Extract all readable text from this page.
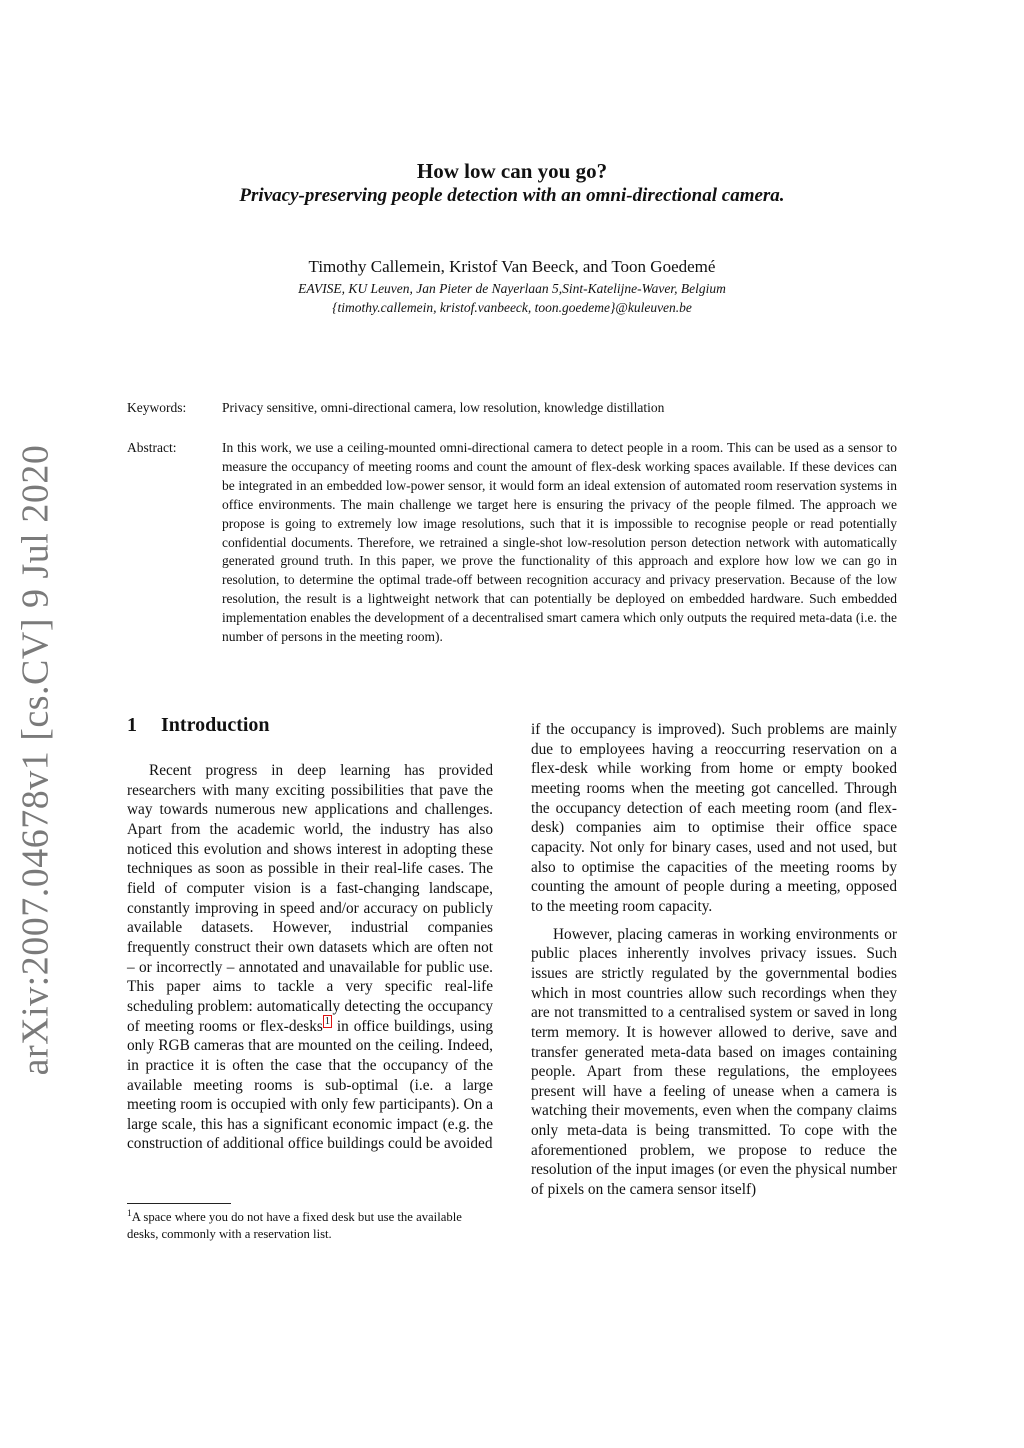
arXiv:2007.04678v1 [cs.CV] 9 Jul 2020
How low can you go?
Privacy-preserving people detection with an omni-directional camera.
Timothy Callemein, Kristof Van Beeck, and Toon Goedemé
EAVISE, KU Leuven, Jan Pieter de Nayerlaan 5,Sint-Katelijne-Waver, Belgium
{timothy.callemein, kristof.vanbeeck, toon.goedeme}@kuleuven.be
Keywords:	Privacy sensitive, omni-directional camera, low resolution, knowledge distillation
Abstract:	In this work, we use a ceiling-mounted omni-directional camera to detect people in a room. This can be used as a sensor to measure the occupancy of meeting rooms and count the amount of flex-desk working spaces available. If these devices can be integrated in an embedded low-power sensor, it would form an ideal extension of automated room reservation systems in office environments. The main challenge we target here is ensuring the privacy of the people filmed. The approach we propose is going to extremely low image resolutions, such that it is impossible to recognise people or read potentially confidential documents. Therefore, we retrained a single-shot low-resolution person detection network with automatically generated ground truth. In this paper, we prove the functionality of this approach and explore how low we can go in resolution, to determine the optimal trade-off between recognition accuracy and privacy preservation. Because of the low resolution, the result is a lightweight network that can potentially be deployed on embedded hardware. Such embedded implementation enables the development of a decentralised smart camera which only outputs the required meta-data (i.e. the number of persons in the meeting room).
1 Introduction

Recent progress in deep learning has provided researchers with many exciting possibilities that pave the way towards numerous new applications and challenges. Apart from the academic world, the industry has also noticed this evolution and shows interest in adopting these techniques as soon as possible in their real-life cases. The field of computer vision is a fast-changing landscape, constantly improving in speed and/or accuracy on publicly available datasets. However, industrial companies frequently construct their own datasets which are often not – or incorrectly – annotated and unavailable for public use. This paper aims to tackle a very specific real-life scheduling problem: automatically detecting the occupancy of meeting rooms or flex-desks $^1$ in office buildings, using only RGB cameras that are mounted on the ceiling. Indeed, in practice it is often the case that the occupancy of the available meeting rooms is sub-optimal (i.e. a large meeting room is occupied with only few participants). On a large scale, this has a significant economic impact (e.g. the construction of additional office buildings could be avoided

if the occupancy is improved). Such problems are mainly due to employees having a reoccurring reservation on a flex-desk while working from home or empty booked meeting rooms when the meeting got cancelled. Through the occupancy detection of each meeting room (and flex-desk) companies aim to optimise their office space capacity. Not only for binary cases, used and not used, but also to optimise the capacities of the meeting rooms by counting the amount of people during a meeting, opposed to the meeting room capacity.

However, placing cameras in working environments or public places inherently involves privacy issues. Such issues are strictly regulated by the governmental bodies which in most countries allow such recordings when they are not transmitted to a centralised system or saved in long term memory. It is however allowed to derive, save and transfer generated meta-data based on images containing people. Apart from these regulations, the employees present will have a feeling of unease when a camera is watching their movements, even when the company claims only meta-data is being transmitted. To cope with the aforementioned problem, we propose to reduce the resolution of the input images (or even the physical number of pixels on the camera sensor itself)

$^1$A space where you do not have a fixed desk but use the available desks, commonly with a reservation list.
